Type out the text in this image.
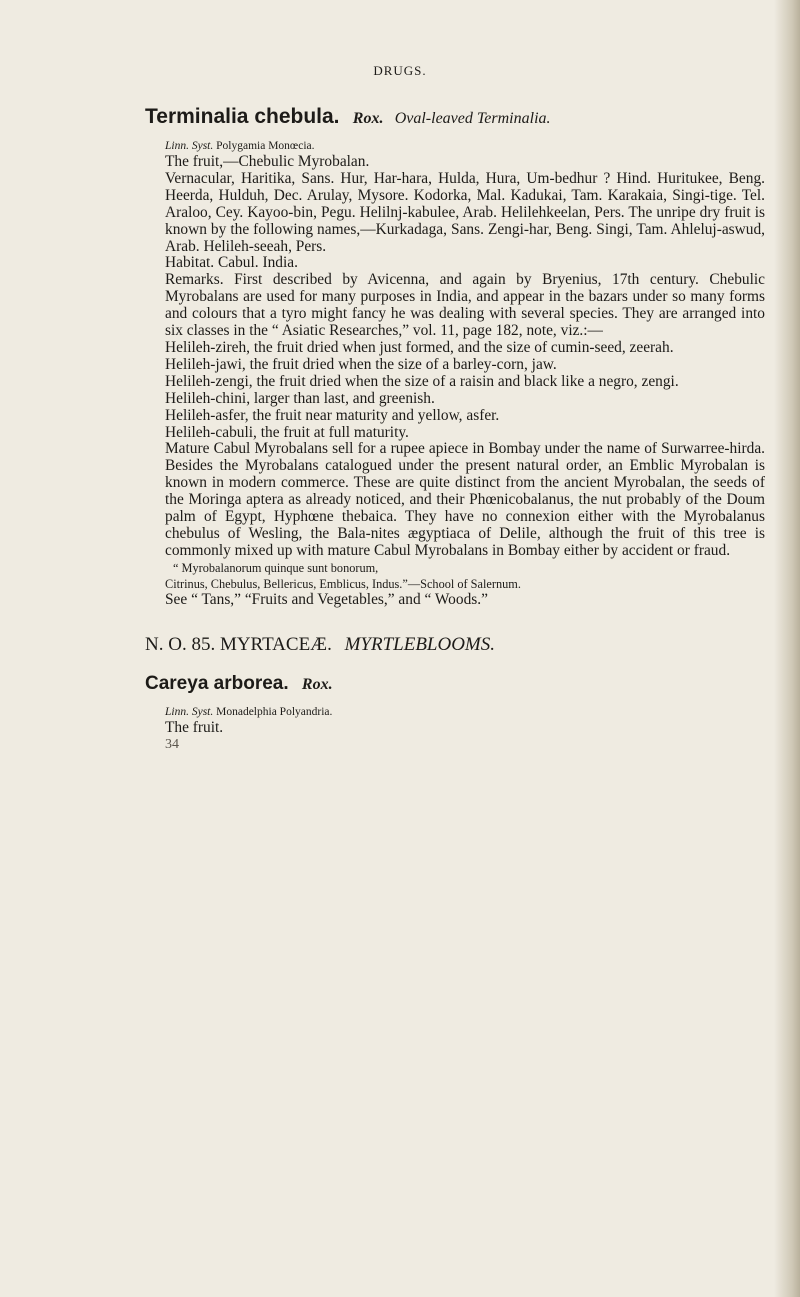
DRUGS.
Terminalia chebula. Rox. Oval-leaved Terminalia.
Linn. Syst. Polygamia Monœcia.
The fruit,—Chebulic Myrobalan.
Vernacular, Haritika, Sans. Hur, Har-hara, Hulda, Hura, Um-bedhur ? Hind. Huritukee, Beng. Heerda, Hulduh, Dec. Arulay, Mysore. Kodorka, Mal. Kadukai, Tam. Karakaia, Singi-tige. Tel. Araloo, Cey. Kayoo-bin, Pegu. Helilnj-kabulee, Arab. Helilehkeelan, Pers. The unripe dry fruit is known by the following names,—Kurkadaga, Sans. Zengi-har, Beng. Singi, Tam. Ahleluj-aswud, Arab. Helileh-seeah, Pers.
Habitat. Cabul. India.
Remarks. First described by Avicenna, and again by Bryenius, 17th century. Chebulic Myrobalans are used for many purposes in India, and appear in the bazars under so many forms and colours that a tyro might fancy he was dealing with several species. They are arranged into six classes in the “ Asiatic Researches,” vol. 11, page 182, note, viz.:—
Helileh-zireh, the fruit dried when just formed, and the size of cumin-seed, zeerah.
Helileh-jawi, the fruit dried when the size of a barley-corn, jaw.
Helileh-zengi, the fruit dried when the size of a raisin and black like a negro, zengi.
Helileh-chini, larger than last, and greenish.
Helileh-asfer, the fruit near maturity and yellow, asfer.
Helileh-cabuli, the fruit at full maturity.
Mature Cabul Myrobalans sell for a rupee apiece in Bombay under the name of Surwarree-hirda. Besides the Myrobalans catalogued under the present natural order, an Emblic Myrobalan is known in modern commerce. These are quite distinct from the ancient Myrobalan, the seeds of the Moringa aptera as already noticed, and their Phœnicobalanus, the nut probably of the Doum palm of Egypt, Hyphœne thebaica. They have no connexion either with the Myrobalanus chebulus of Wesling, the Bala-nites ægyptiaca of Delile, although the fruit of this tree is commonly mixed up with mature Cabul Myrobalans in Bombay either by accident or fraud.
“ Myrobalanorum quinque sunt bonorum,
Citrinus, Chebulus, Bellericus, Emblicus, Indus.”—School of Salernum.
See “ Tans,” “Fruits and Vegetables,” and “ Woods.”
N. O. 85. MYRTACEÆ. MYRTLEBLOOMS.
Careya arborea. Rox.
Linn. Syst. Monadelphia Polyandria.
The fruit.
34
